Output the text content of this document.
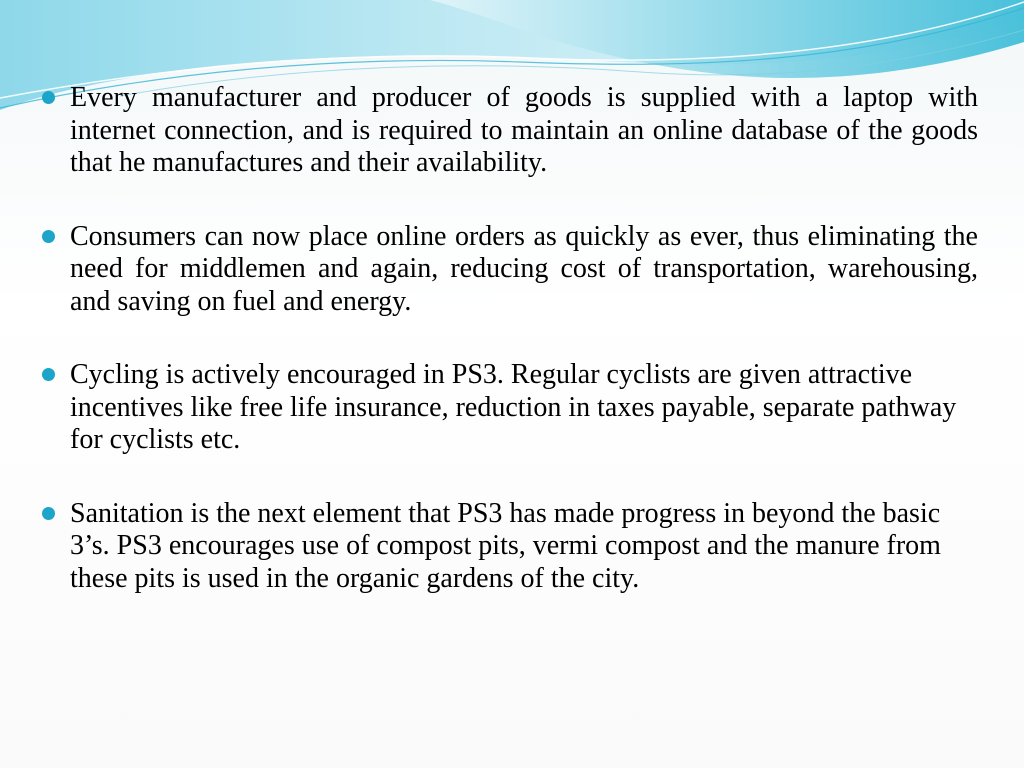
Every manufacturer and producer of goods is supplied with a laptop with internet connection, and is required to maintain an online database of the goods that he manufactures and their availability.
Consumers can now place online orders as quickly as ever, thus eliminating the need for middlemen and again, reducing cost of transportation, warehousing, and saving on fuel and energy.
Cycling is actively encouraged in PS3. Regular cyclists are given attractive incentives like free life insurance, reduction in taxes payable, separate pathway for cyclists etc.
Sanitation is the next element that PS3 has made progress in beyond the basic 3’s. PS3 encourages use of compost pits, vermi compost and the manure from these pits is used in the organic gardens of the city.
